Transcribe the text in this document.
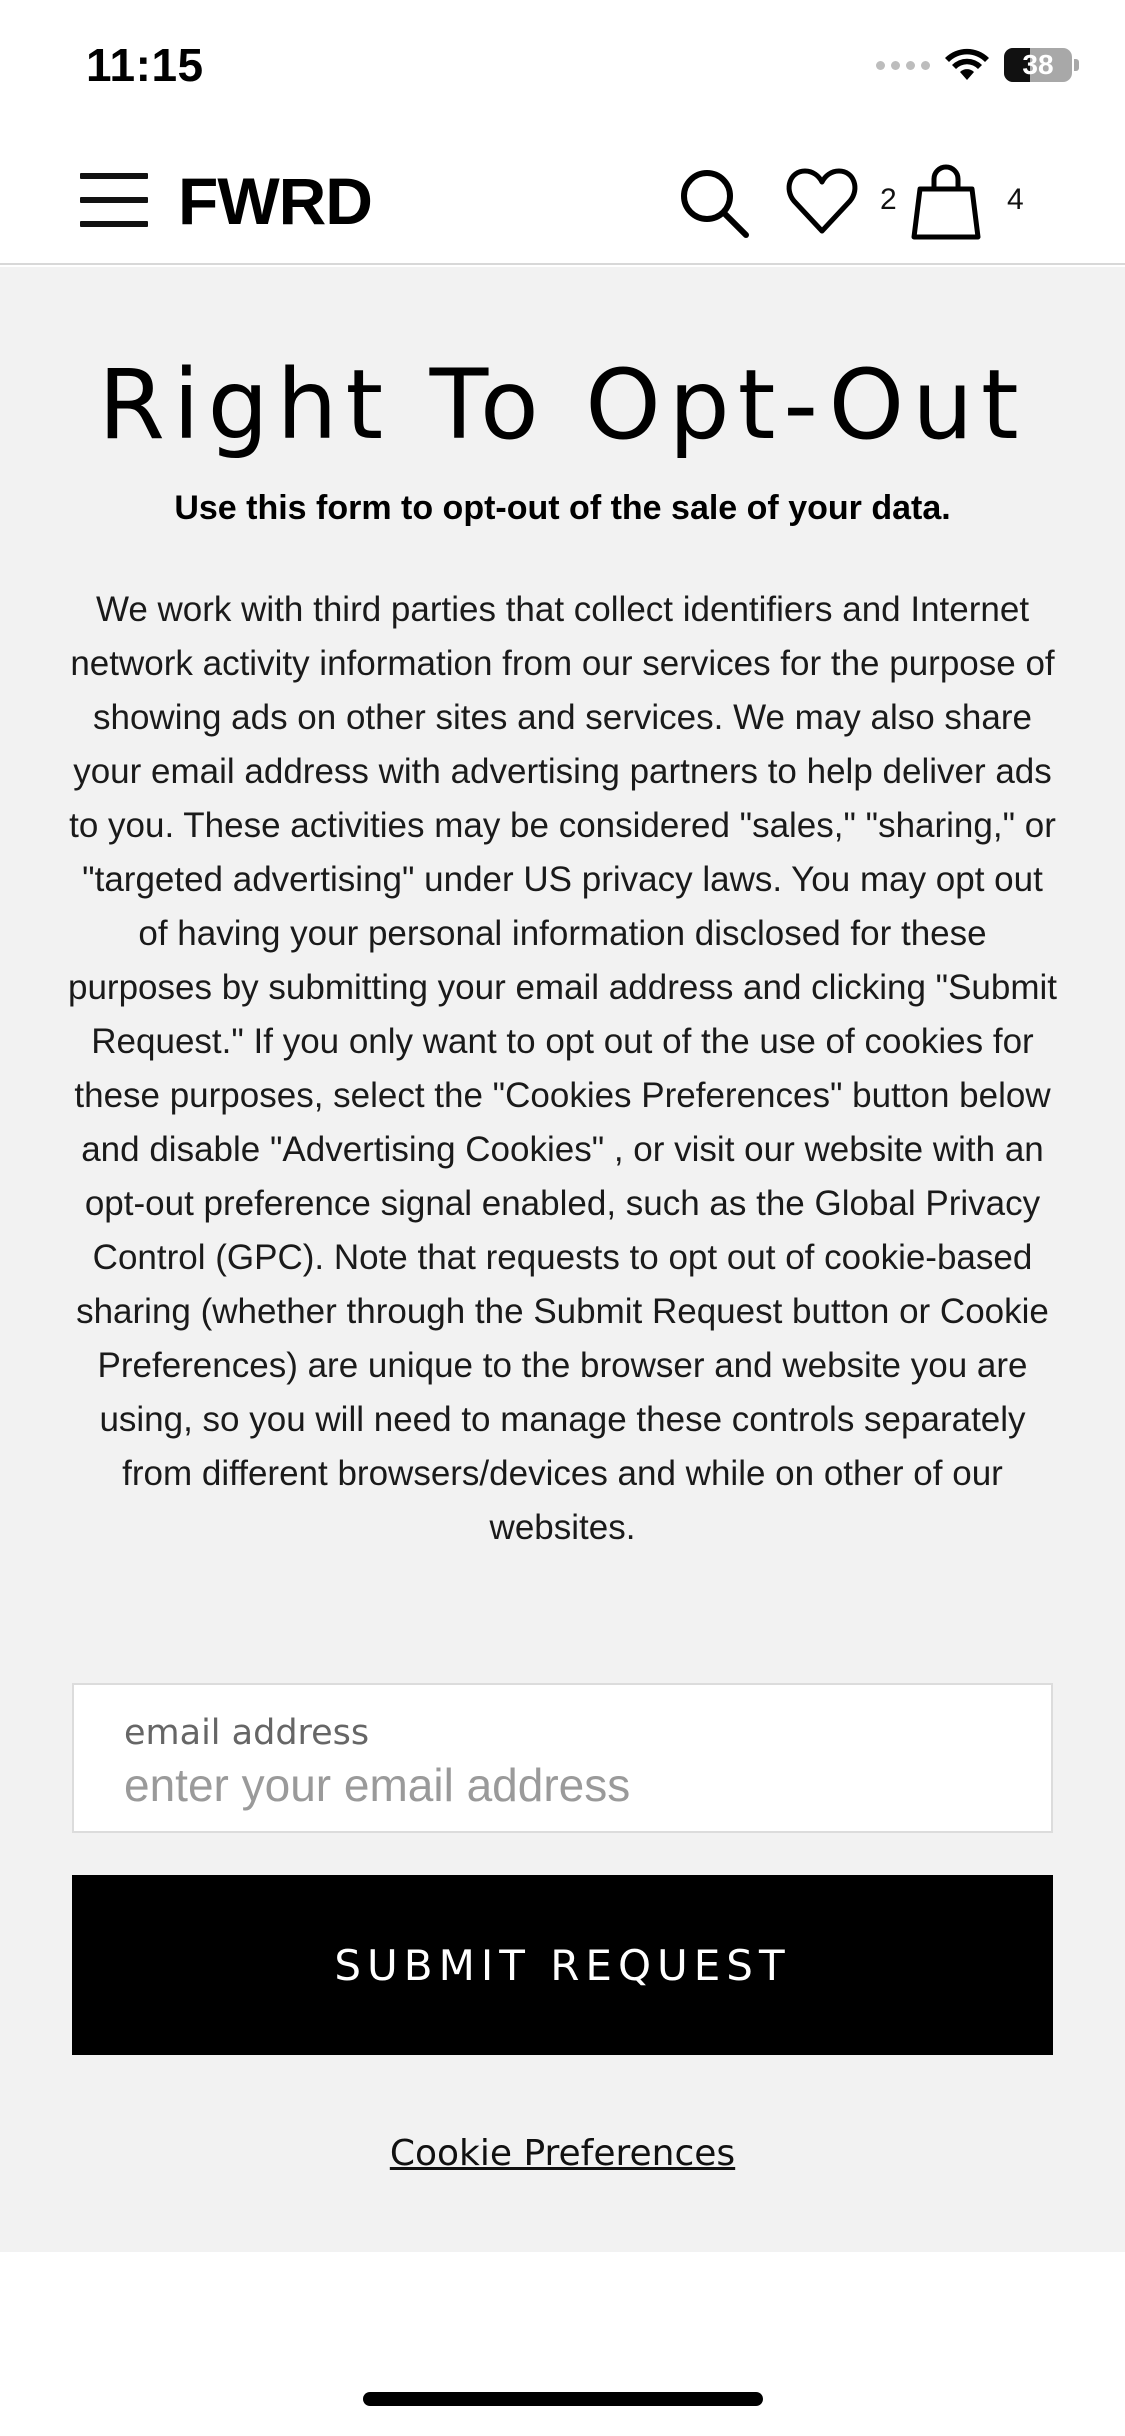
11:15	38
FWRD	2	4
Right To Opt-Out

Use this form to opt-out of the sale of your data.

We work with third parties that collect identifiers and Internet network activity information from our services for the purpose of showing ads on other sites and services. We may also share your email address with advertising partners to help deliver ads to you. These activities may be considered "sales," "sharing," or "targeted advertising" under US privacy laws. You may opt out of having your personal information disclosed for these purposes by submitting your email address and clicking "Submit Request." If you only want to opt out of the use of cookies for these purposes, select the "Cookies Preferences" button below and disable "Advertising Cookies" , or visit our website with an opt-out preference signal enabled, such as the Global Privacy Control (GPC). Note that requests to opt out of cookie-based sharing (whether through the Submit Request button or Cookie Preferences) are unique to the browser and website you are using, so you will need to manage these controls separately from different browsers/devices and while on other of our websites.

email address
enter your email address
SUBMIT REQUEST
Cookie Preferences
